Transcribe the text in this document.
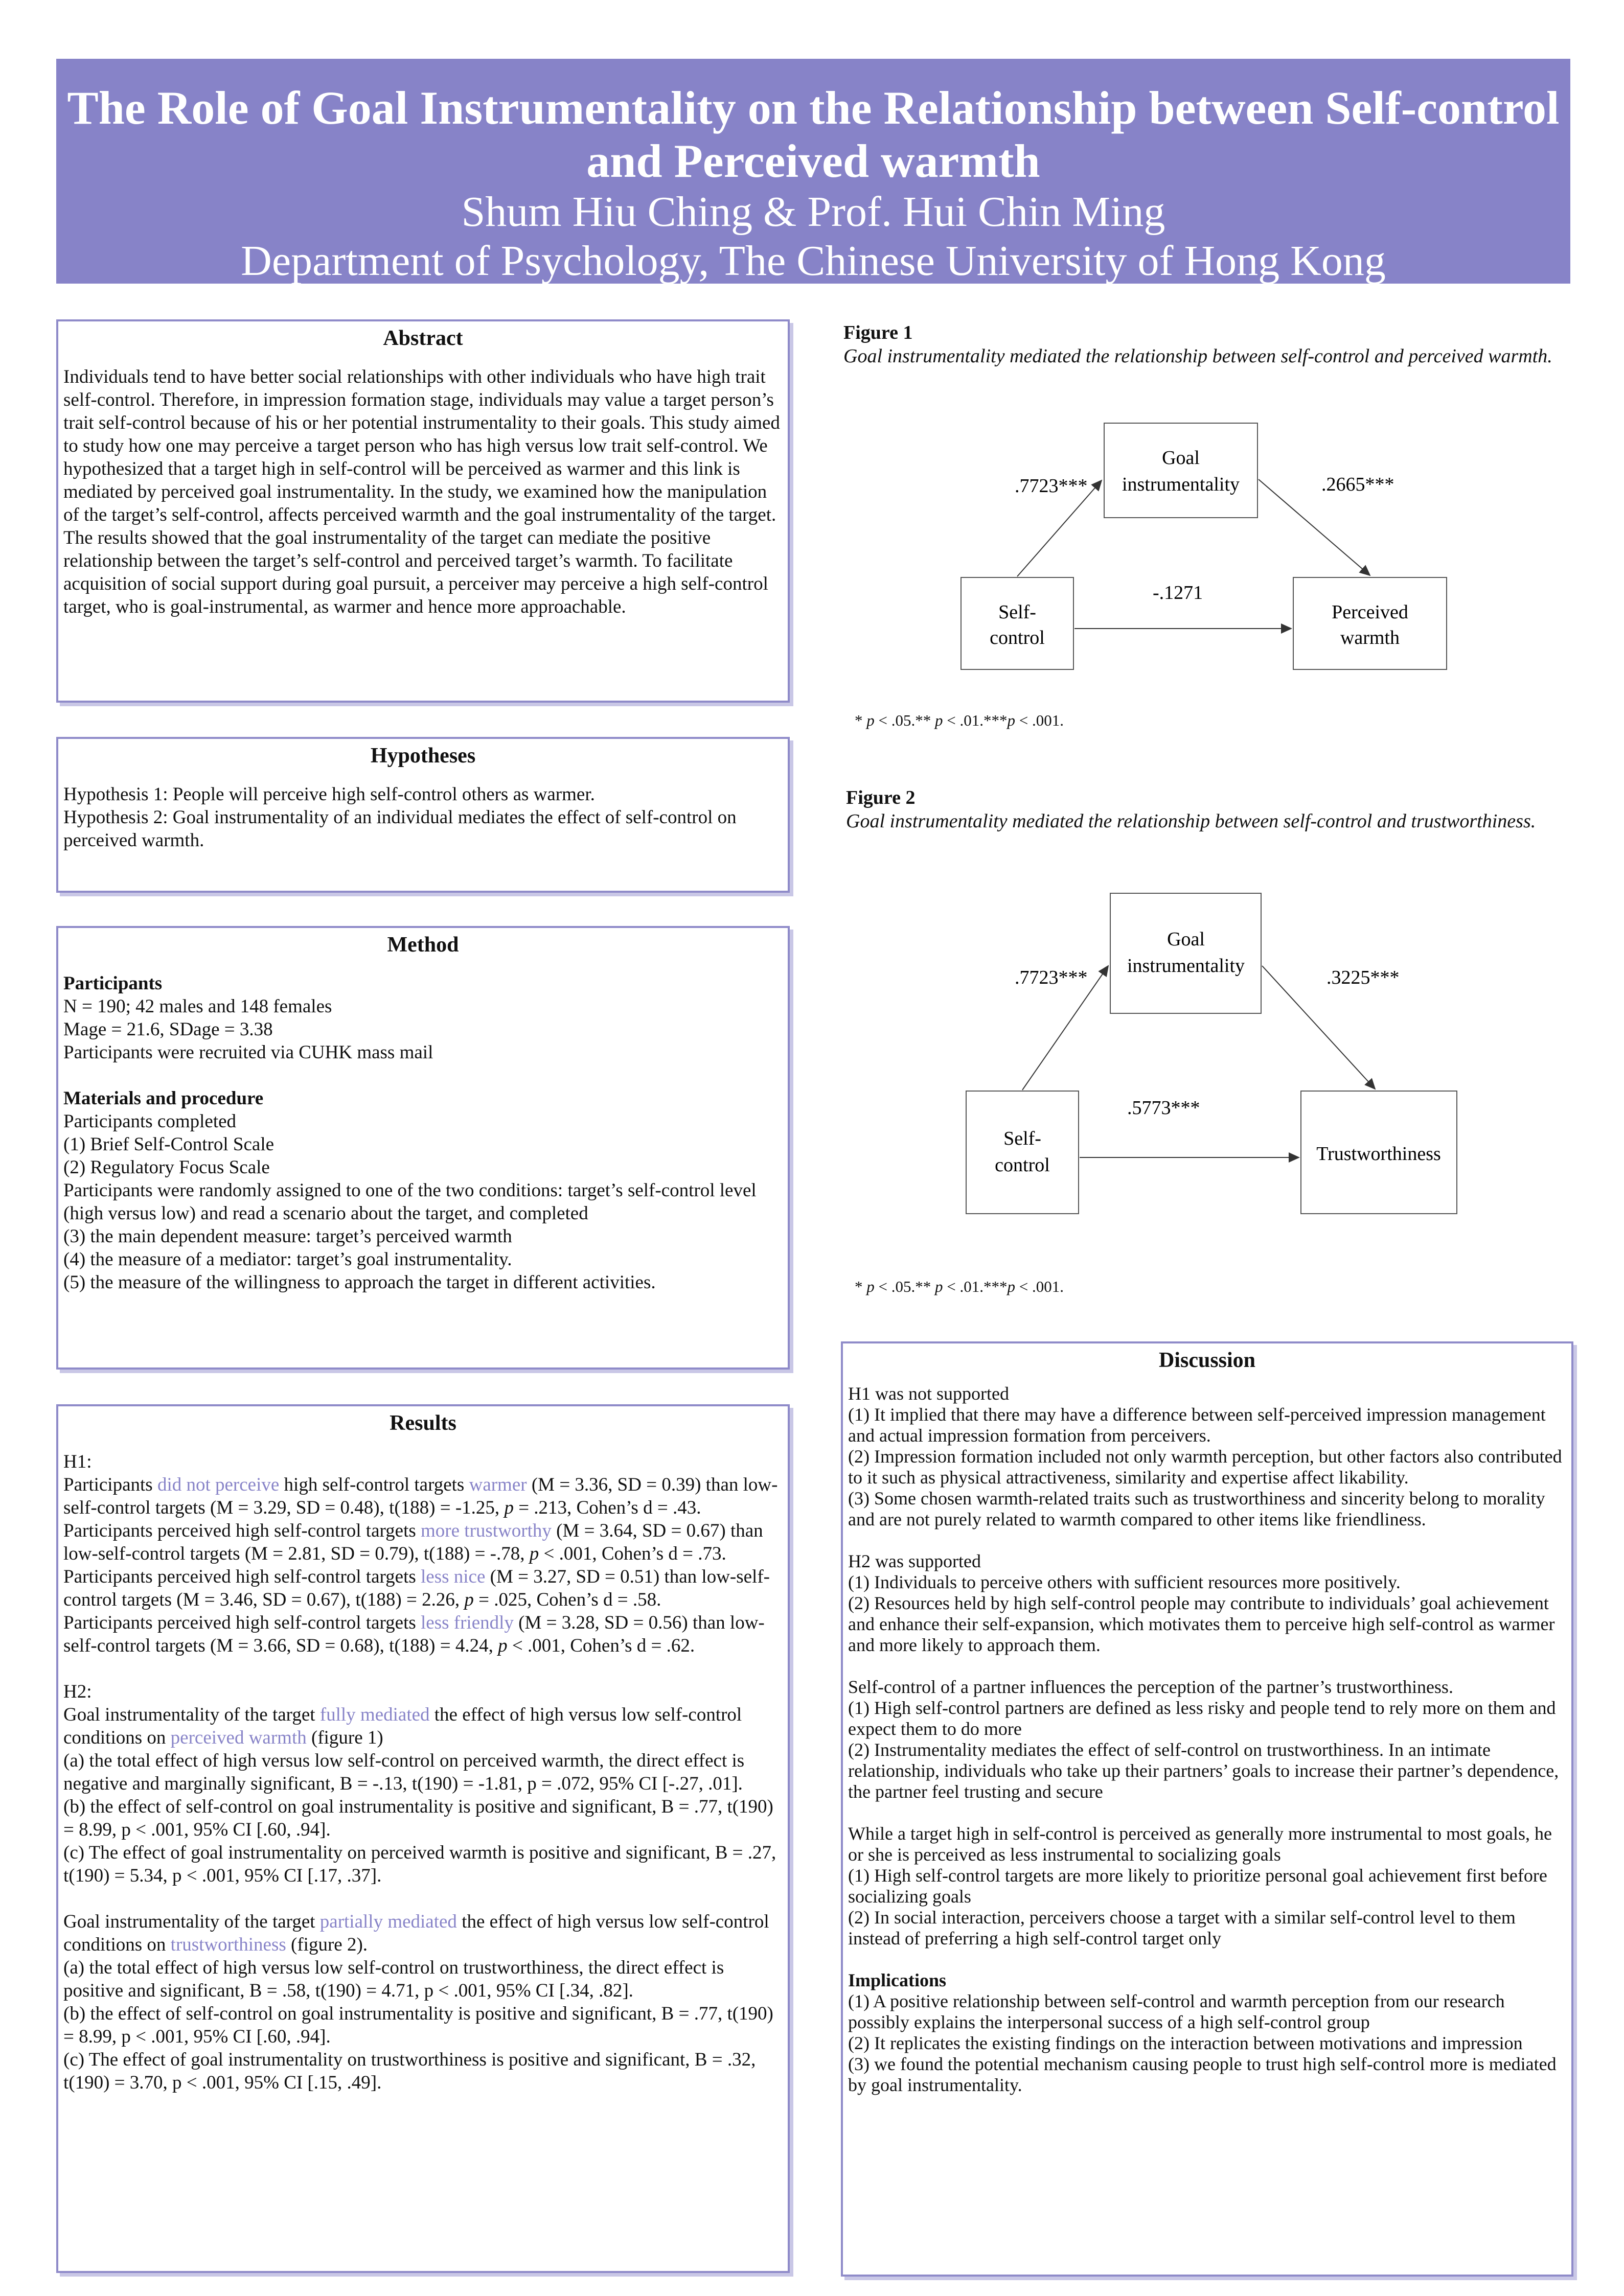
The Role of Goal Instrumentality on the Relationship between Self-control and Perceived warmth
Shum Hiu Ching & Prof. Hui Chin Ming
Department of Psychology, The Chinese University of Hong Kong
Abstract

Individuals tend to have better social relationships with other individuals who have high trait self-control. Therefore, in impression formation stage, individuals may value a target person’s trait self-control because of his or her potential instrumentality to their goals. This study aimed to study how one may perceive a target person who has high versus low trait self-control. We hypothesized that a target high in self-control will be perceived as warmer and this link is mediated by perceived goal instrumentality. In the study, we examined how the manipulation of the target’s self-control, affects perceived warmth and the goal instrumentality of the target. The results showed that the goal instrumentality of the target can mediate the positive relationship between the target’s self-control and perceived target’s warmth. To facilitate acquisition of social support during goal pursuit, a perceiver may perceive a high self-control target, who is goal-instrumental, as warmer and hence more approachable.

Hypotheses

Hypothesis 1: People will perceive high self-control others as warmer.

Hypothesis 2: Goal instrumentality of an individual mediates the effect of self-control on perceived warmth.

Method

Participants

N = 190; 42 males and 148 females

Mage = 21.6, SDage = 3.38

Participants were recruited via CUHK mass mail

Materials and procedure

Participants completed

(1) Brief Self-Control Scale

(2) Regulatory Focus Scale

Participants were randomly assigned to one of the two conditions: target’s self-control level (high versus low) and read a scenario about the target, and completed

(3) the main dependent measure: target’s perceived warmth

(4) the measure of a mediator: target’s goal instrumentality.

(5) the measure of the willingness to approach the target in different activities.

Results

H1:

Participants did not perceive high self-control targets warmer (M = 3.36, SD = 0.39) than low-self-control targets (M = 3.29, SD = 0.48), t(188) = -1.25, p = .213, Cohen’s d = .43.

Participants perceived high self-control targets more trustworthy (M = 3.64, SD = 0.67) than low-self-control targets (M = 2.81, SD = 0.79), t(188) = -.78, p < .001, Cohen’s d = .73.

Participants perceived high self-control targets less nice (M = 3.27, SD = 0.51) than low-self-control targets (M = 3.46, SD = 0.67), t(188) = 2.26, p = .025, Cohen’s d = .58.

Participants perceived high self-control targets less friendly (M = 3.28, SD = 0.56) than low-self-control targets (M = 3.66, SD = 0.68), t(188) = 4.24, p < .001, Cohen’s d = .62.

H2:

Goal instrumentality of the target fully mediated the effect of high versus low self-control conditions on perceived warmth (figure 1)

(a) the total effect of high versus low self-control on perceived warmth, the direct effect is negative and marginally significant, B = -.13, t(190) = -1.81, p = .072, 95% CI [-.27, .01].

(b) the effect of self-control on goal instrumentality is positive and significant, B = .77, t(190) = 8.99, p < .001, 95% CI [.60, .94].

(c) The effect of goal instrumentality on perceived warmth is positive and significant, B = .27, t(190) = 5.34, p < .001, 95% CI [.17, .37].

Goal instrumentality of the target partially mediated the effect of high versus low self-control conditions on trustworthiness (figure 2).

(a) the total effect of high versus low self-control on trustworthiness, the direct effect is positive and significant, B = .58, t(190) = 4.71, p < .001, 95% CI [.34, .82].

(b) the effect of self-control on goal instrumentality is positive and significant, B = .77, t(190) = 8.99, p < .001, 95% CI [.60, .94].

(c) The effect of goal instrumentality on trustworthiness is positive and significant, B = .32, t(190) = 3.70, p < .001, 95% CI [.15, .49].

Figure 1
Goal instrumentality mediated the relationship between self-control and perceived warmth.
Goal
instrumentality
Self-
control
Perceived
warmth
.7723***	.2665***
-.1271
* p < .05.** p < .01.***p < .001.
Figure 2
Goal instrumentality mediated the relationship between self-control and trustworthiness.
Goal
instrumentality
Self-
control
Trustworthiness
.7723***	.3225***
.5773***
* p < .05.** p < .01.***p < .001.
Discussion

H1 was not supported

(1) It implied that there may have a difference between self-perceived impression management and actual impression formation from perceivers.

(2) Impression formation included not only warmth perception, but other factors also contributed to it such as physical attractiveness, similarity and expertise affect likability.

(3) Some chosen warmth-related traits such as trustworthiness and sincerity belong to morality and are not purely related to warmth compared to other items like friendliness.

H2 was supported

(1) Individuals to perceive others with sufficient resources more positively.

(2) Resources held by high self-control people may contribute to individuals’ goal achievement and enhance their self-expansion, which motivates them to perceive high self-control as warmer and more likely to approach them.

Self-control of a partner influences the perception of the partner’s trustworthiness.

(1) High self-control partners are defined as less risky and people tend to rely more on them and expect them to do more

(2) Instrumentality mediates the effect of self-control on trustworthiness. In an intimate relationship, individuals who take up their partners’ goals to increase their partner’s dependence, the partner feel trusting and secure

While a target high in self-control is perceived as generally more instrumental to most goals, he or she is perceived as less instrumental to socializing goals

(1) High self-control targets are more likely to prioritize personal goal achievement first before socializing goals

(2) In social interaction, perceivers choose a target with a similar self-control level to them instead of preferring a high self-control target only

Implications

(1) A positive relationship between self-control and warmth perception from our research possibly explains the interpersonal success of a high self-control group

(2) It replicates the existing findings on the interaction between motivations and impression

(3) we found the potential mechanism causing people to trust high self-control more is mediated by goal instrumentality.
